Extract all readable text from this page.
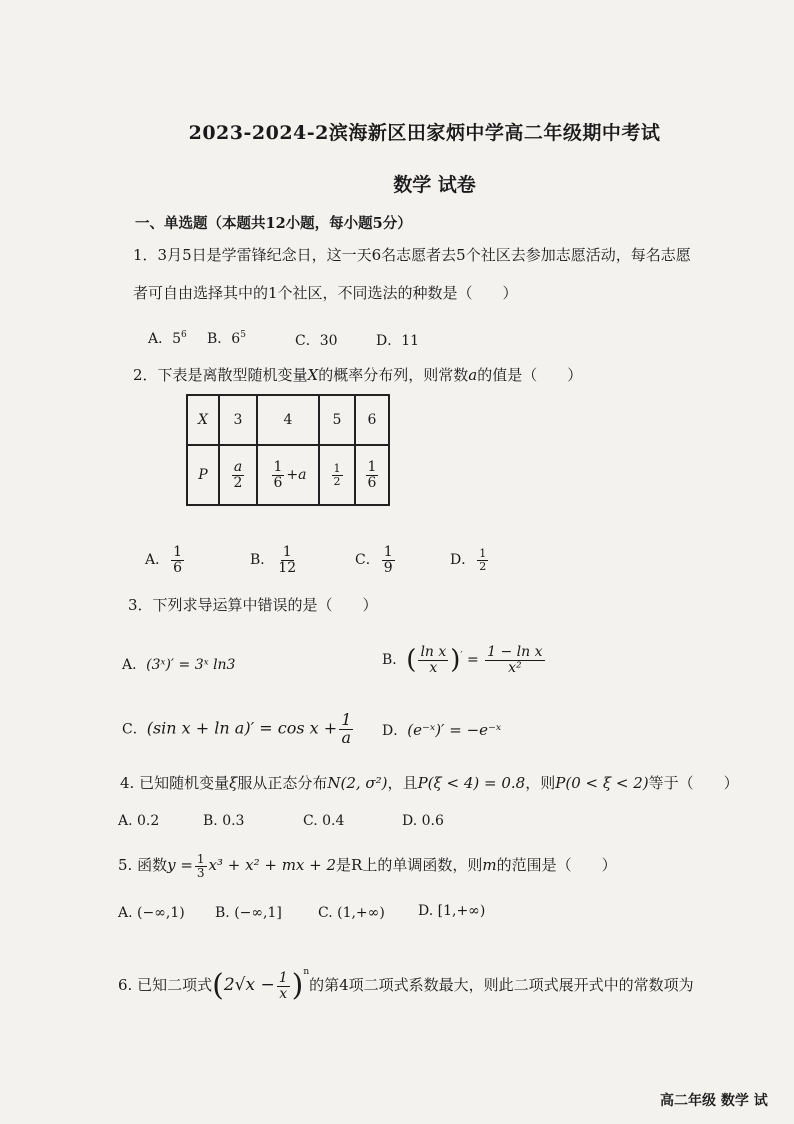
2023-2024-2滨海新区田家炳中学高二年级期中考试
数学 试卷
一、单选题（本题共12小题，每小题5分）
1．3月5日是学雷锋纪念日，这一天6名志愿者去5个社区去参加志愿活动，每名志愿
者可自由选择其中的1个社区，不同选法的种数是（　　）
A．$5^6$ B．$6^5$	C．30	D．11
2．下表是离散型随机变量X的概率分布列，则常数a的值是（　　）
X	3	4	5	6
P	$\frac{a}{2}$	$\frac{1}{6} +a$	$\frac{1}{2}$	$\frac{1}{6}$
A． $\frac{1}{6}$	B． $\frac{1}{12}$	C． $\frac{1}{9}$	D． $\frac{1}{2}$
3．下列求导运算中错误的是（　　）
A．(3ˣ)′ = 3ˣ ln3	B．( $\frac{\text{ln x}}{x} )' = \frac{\text{1 − ln x}}{\text{x²}}$
C．(sin $x + \ln a)' = \cos x + \frac{1}{a}$ D．(e⁻ˣ)′ = −e⁻ˣ
4. 已知随机变量ξ服从正态分布N(2, σ²)，且P(ξ < 4) = 0.8，则P(0 < ξ < 2)等于（　　）
A. 0.2	B. 0.3	C. 0.4	D. 0.6
5. 函数$y = \frac{1}{3} x^3 + x^2$ + mx + 2是R上的单调函数，则m的范围是（　　）
A. (−∞,1) B. (−∞,1]	C. (1,+∞) D. [1,+∞)
6. 已知二项式$(2√x - \frac{1}{x} )^n$的第4项二项式系数最大，则此二项式展开式中的常数项为
高二年级 数学 试
